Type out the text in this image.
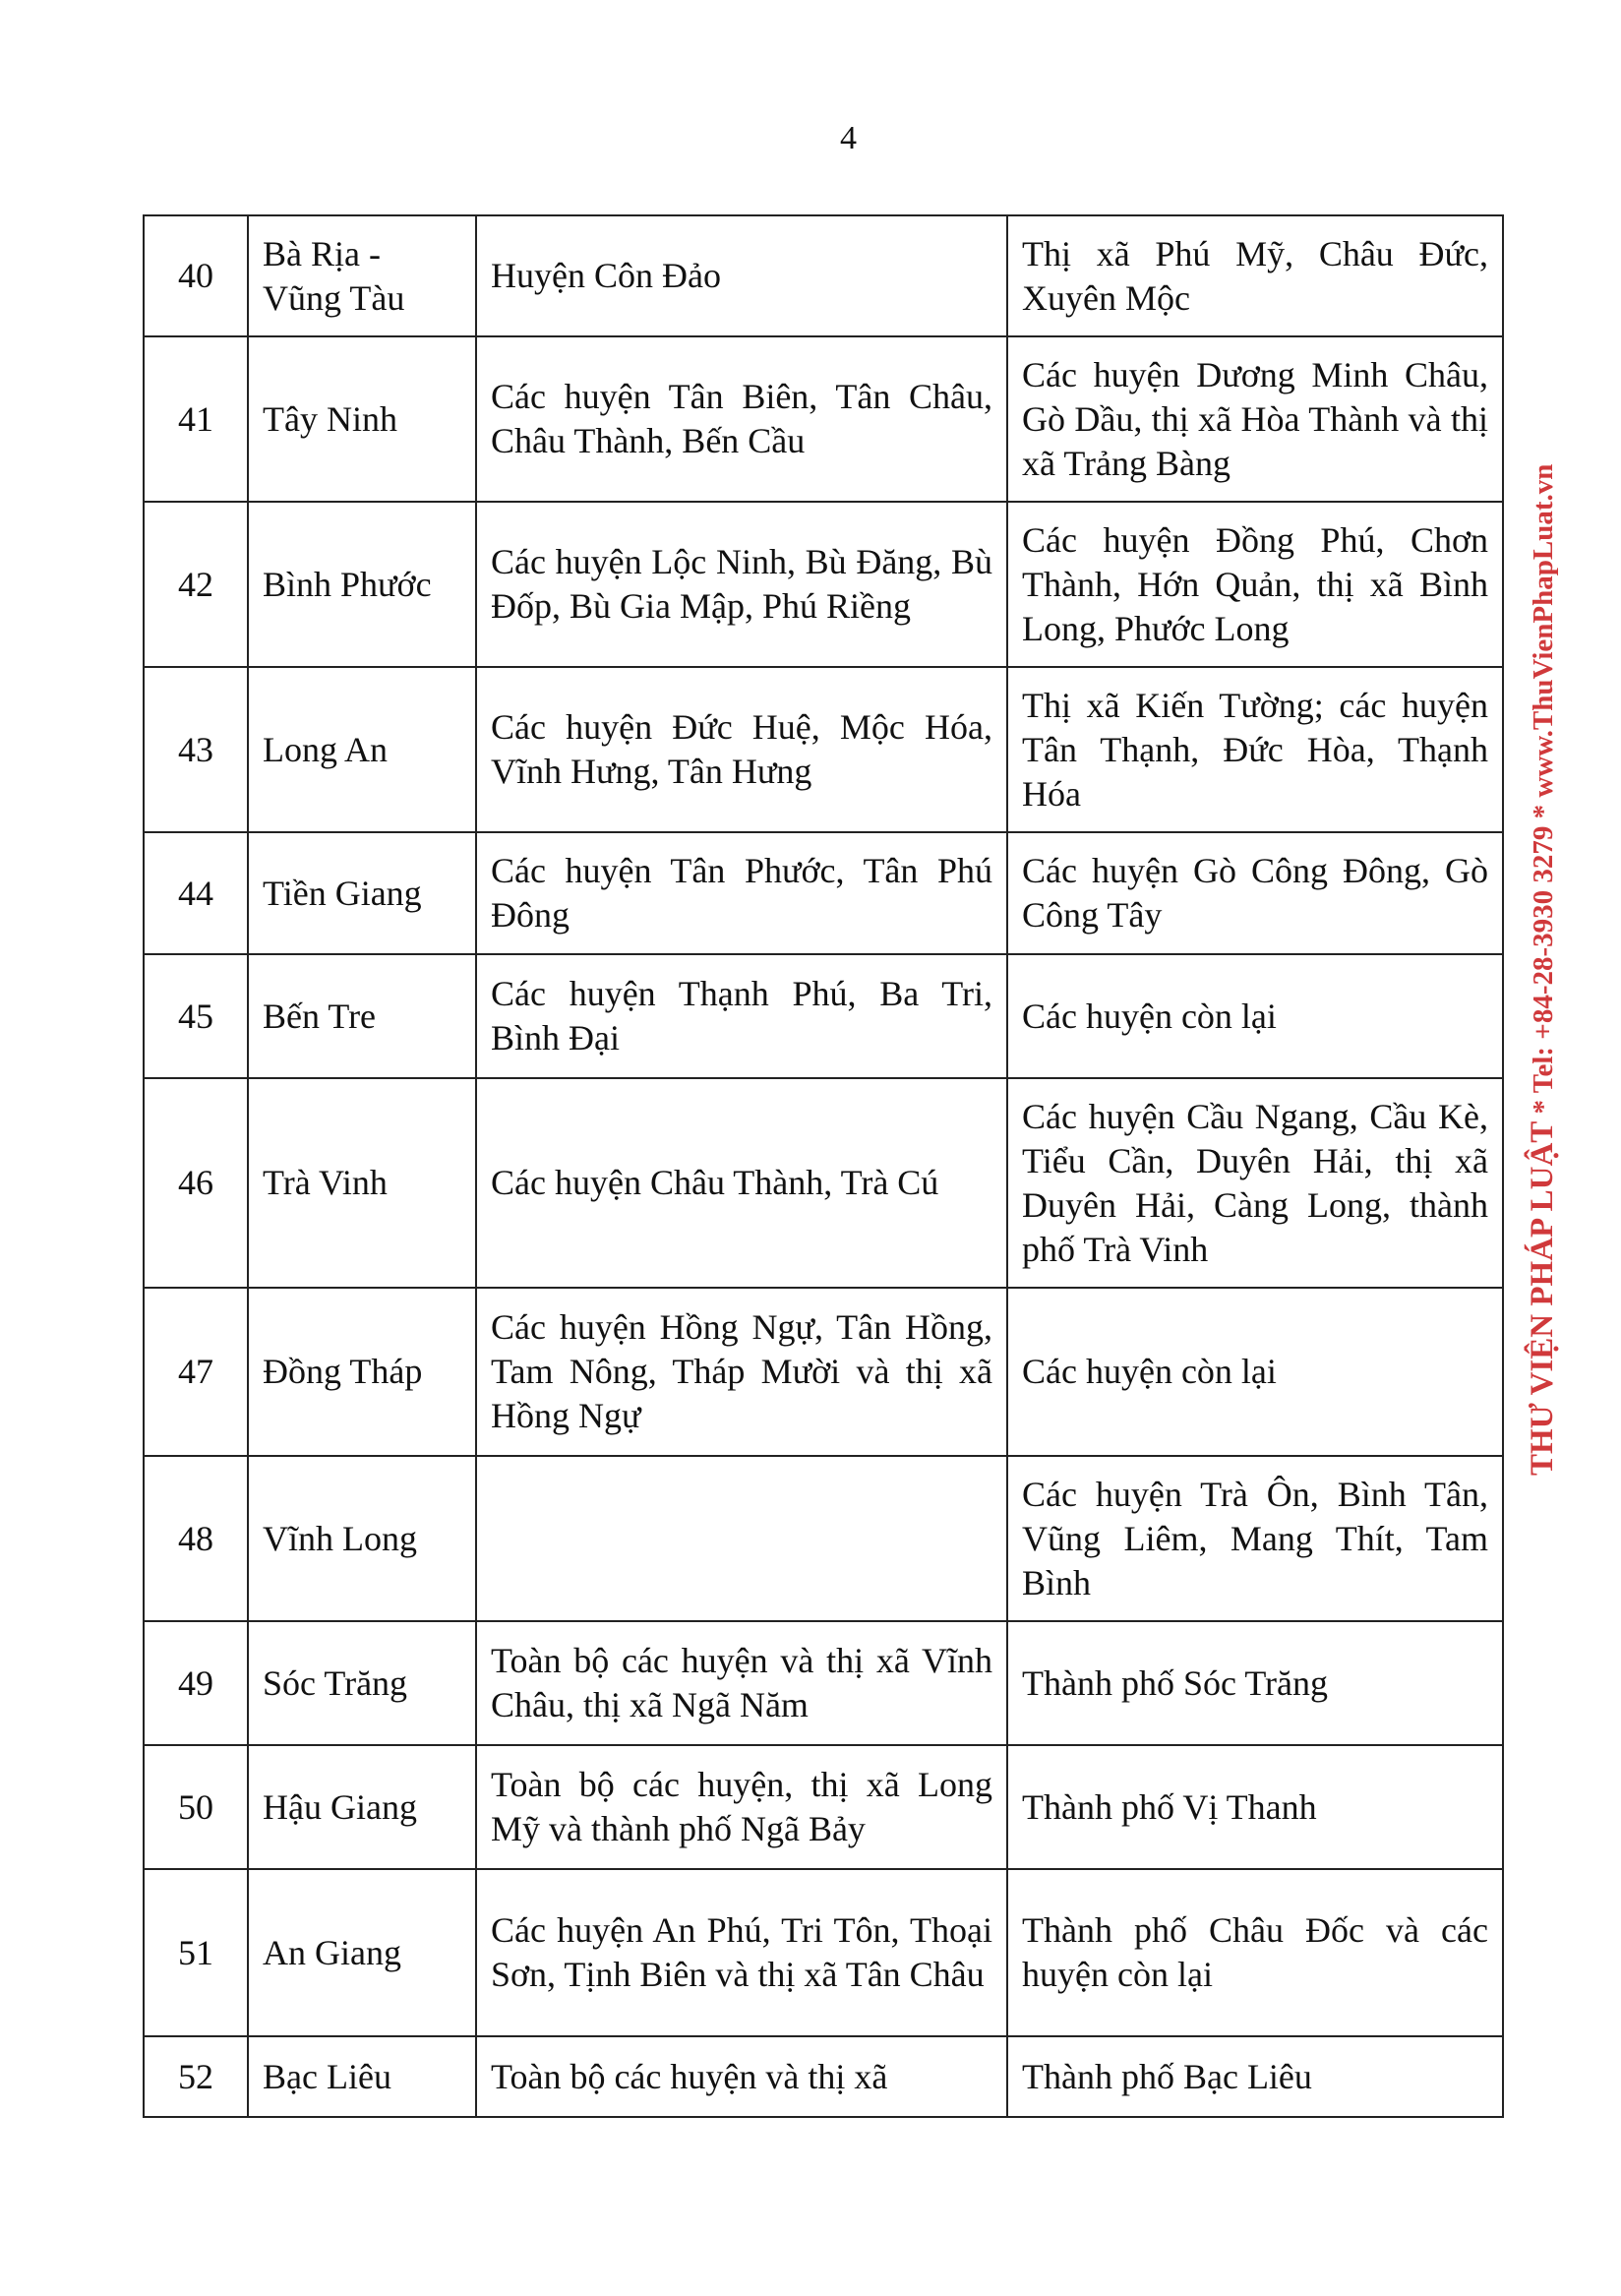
4
40	Bà Rịa - Vũng Tàu	Huyện Côn Đảo	Thị xã Phú Mỹ, Châu Đức, Xuyên Mộc
41	Tây Ninh	Các huyện Tân Biên, Tân Châu, Châu Thành, Bến Cầu	Các huyện Dương Minh Châu, Gò Dầu, thị xã Hòa Thành và thị xã Trảng Bàng
42	Bình Phước	Các huyện Lộc Ninh, Bù Đăng, Bù Đốp, Bù Gia Mập, Phú Riềng	Các huyện Đồng Phú, Chơn Thành, Hớn Quản, thị xã Bình Long, Phước Long
43	Long An	Các huyện Đức Huệ, Mộc Hóa, Vĩnh Hưng, Tân Hưng	Thị xã Kiến Tường; các huyện Tân Thạnh, Đức Hòa, Thạnh Hóa
44	Tiền Giang	Các huyện Tân Phước, Tân Phú Đông	Các huyện Gò Công Đông, Gò Công Tây
45	Bến Tre	Các huyện Thạnh Phú, Ba Tri, Bình Đại	Các huyện còn lại
46	Trà Vinh	Các huyện Châu Thành, Trà Cú	Các huyện Cầu Ngang, Cầu Kè, Tiểu Cần, Duyên Hải, thị xã Duyên Hải, Càng Long, thành phố Trà Vinh
47	Đồng Tháp	Các huyện Hồng Ngự, Tân Hồng, Tam Nông, Tháp Mười và thị xã Hồng Ngự	Các huyện còn lại
48	Vĩnh Long		Các huyện Trà Ôn, Bình Tân, Vũng Liêm, Mang Thít, Tam Bình
49	Sóc Trăng	Toàn bộ các huyện và thị xã Vĩnh Châu, thị xã Ngã Năm	Thành phố Sóc Trăng
50	Hậu Giang	Toàn bộ các huyện, thị xã Long Mỹ và thành phố Ngã Bảy	Thành phố Vị Thanh
51	An Giang	Các huyện An Phú, Tri Tôn, Thoại Sơn, Tịnh Biên và thị xã Tân Châu	Thành phố Châu Đốc và các huyện còn lại
52	Bạc Liêu	Toàn bộ các huyện và thị xã	Thành phố Bạc Liêu
THƯ VIỆN PHÁP LUẬT * Tel: +84-28-3930 3279 * www.ThuVienPhapLuat.vn
